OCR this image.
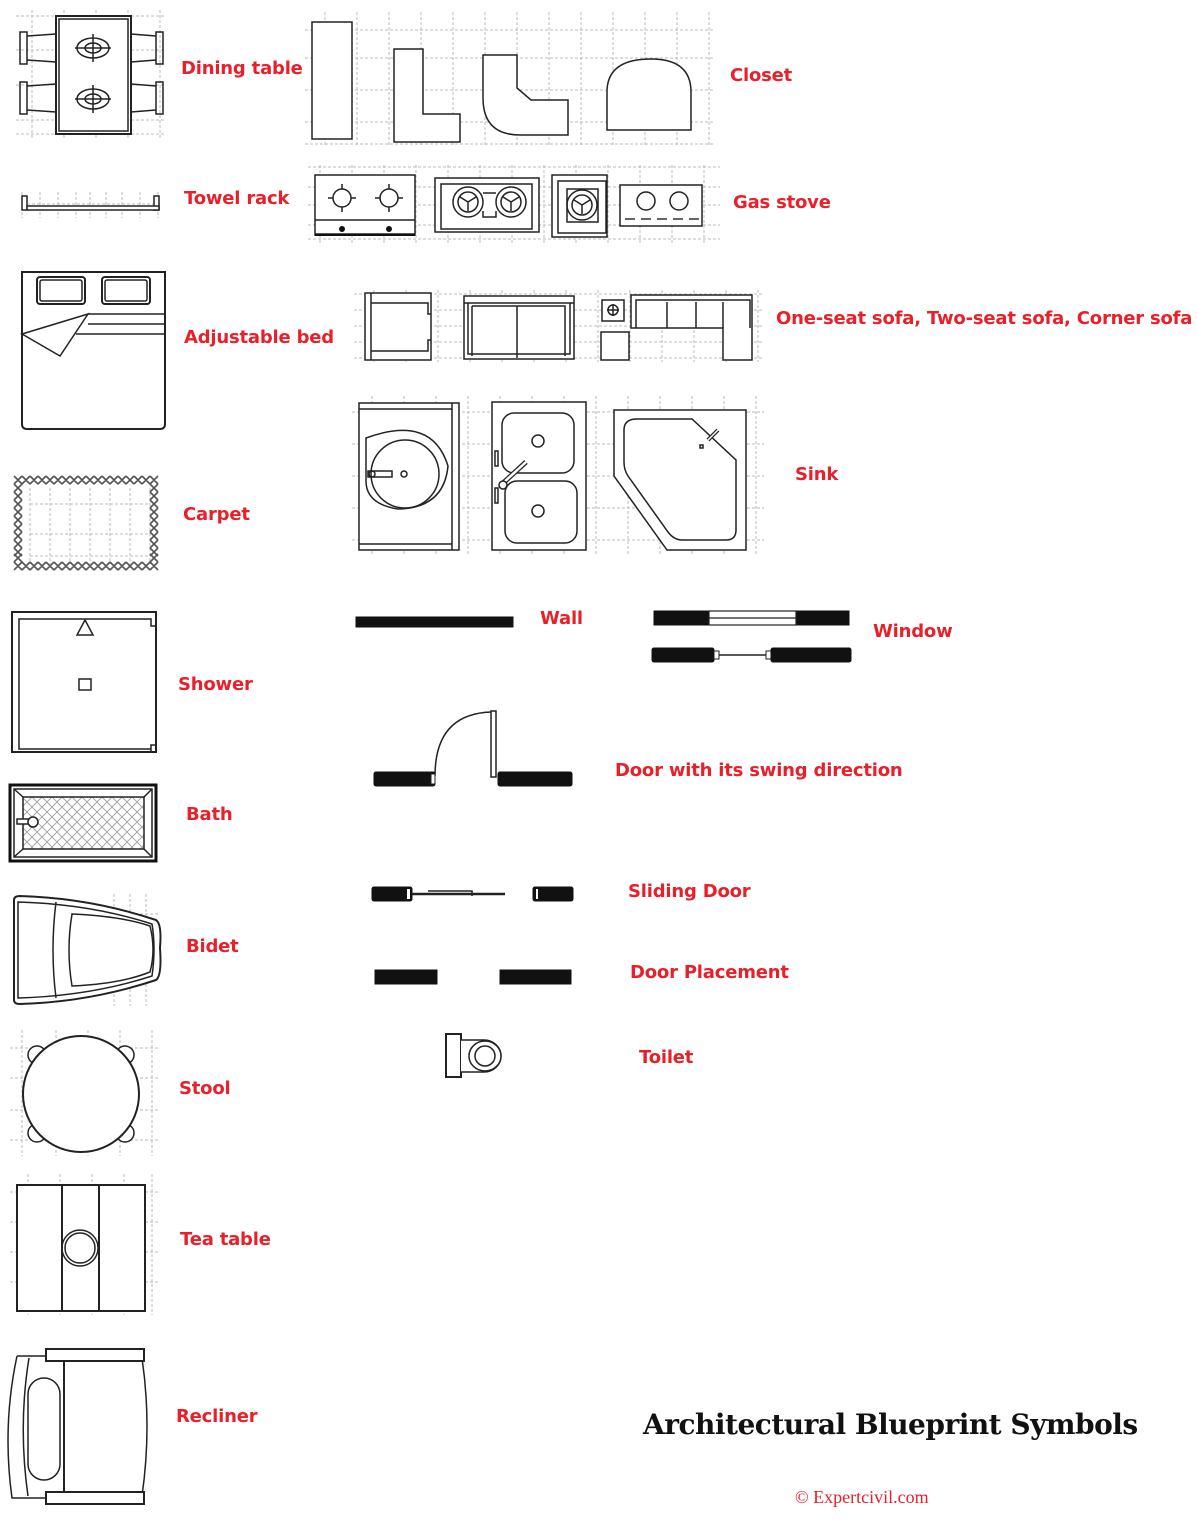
Dining table
Towel rack
Adjustable bed
Carpet
Shower
Bath
Bidet
Stool
Tea table
Recliner
Closet
Gas stove
One-seat sofa, Two-seat sofa, Corner sofa
Sink
Wall
Window
Door with its swing direction
Sliding Door
Door Placement
Toilet
Architectural Blueprint Symbols
© Expertcivil.com
